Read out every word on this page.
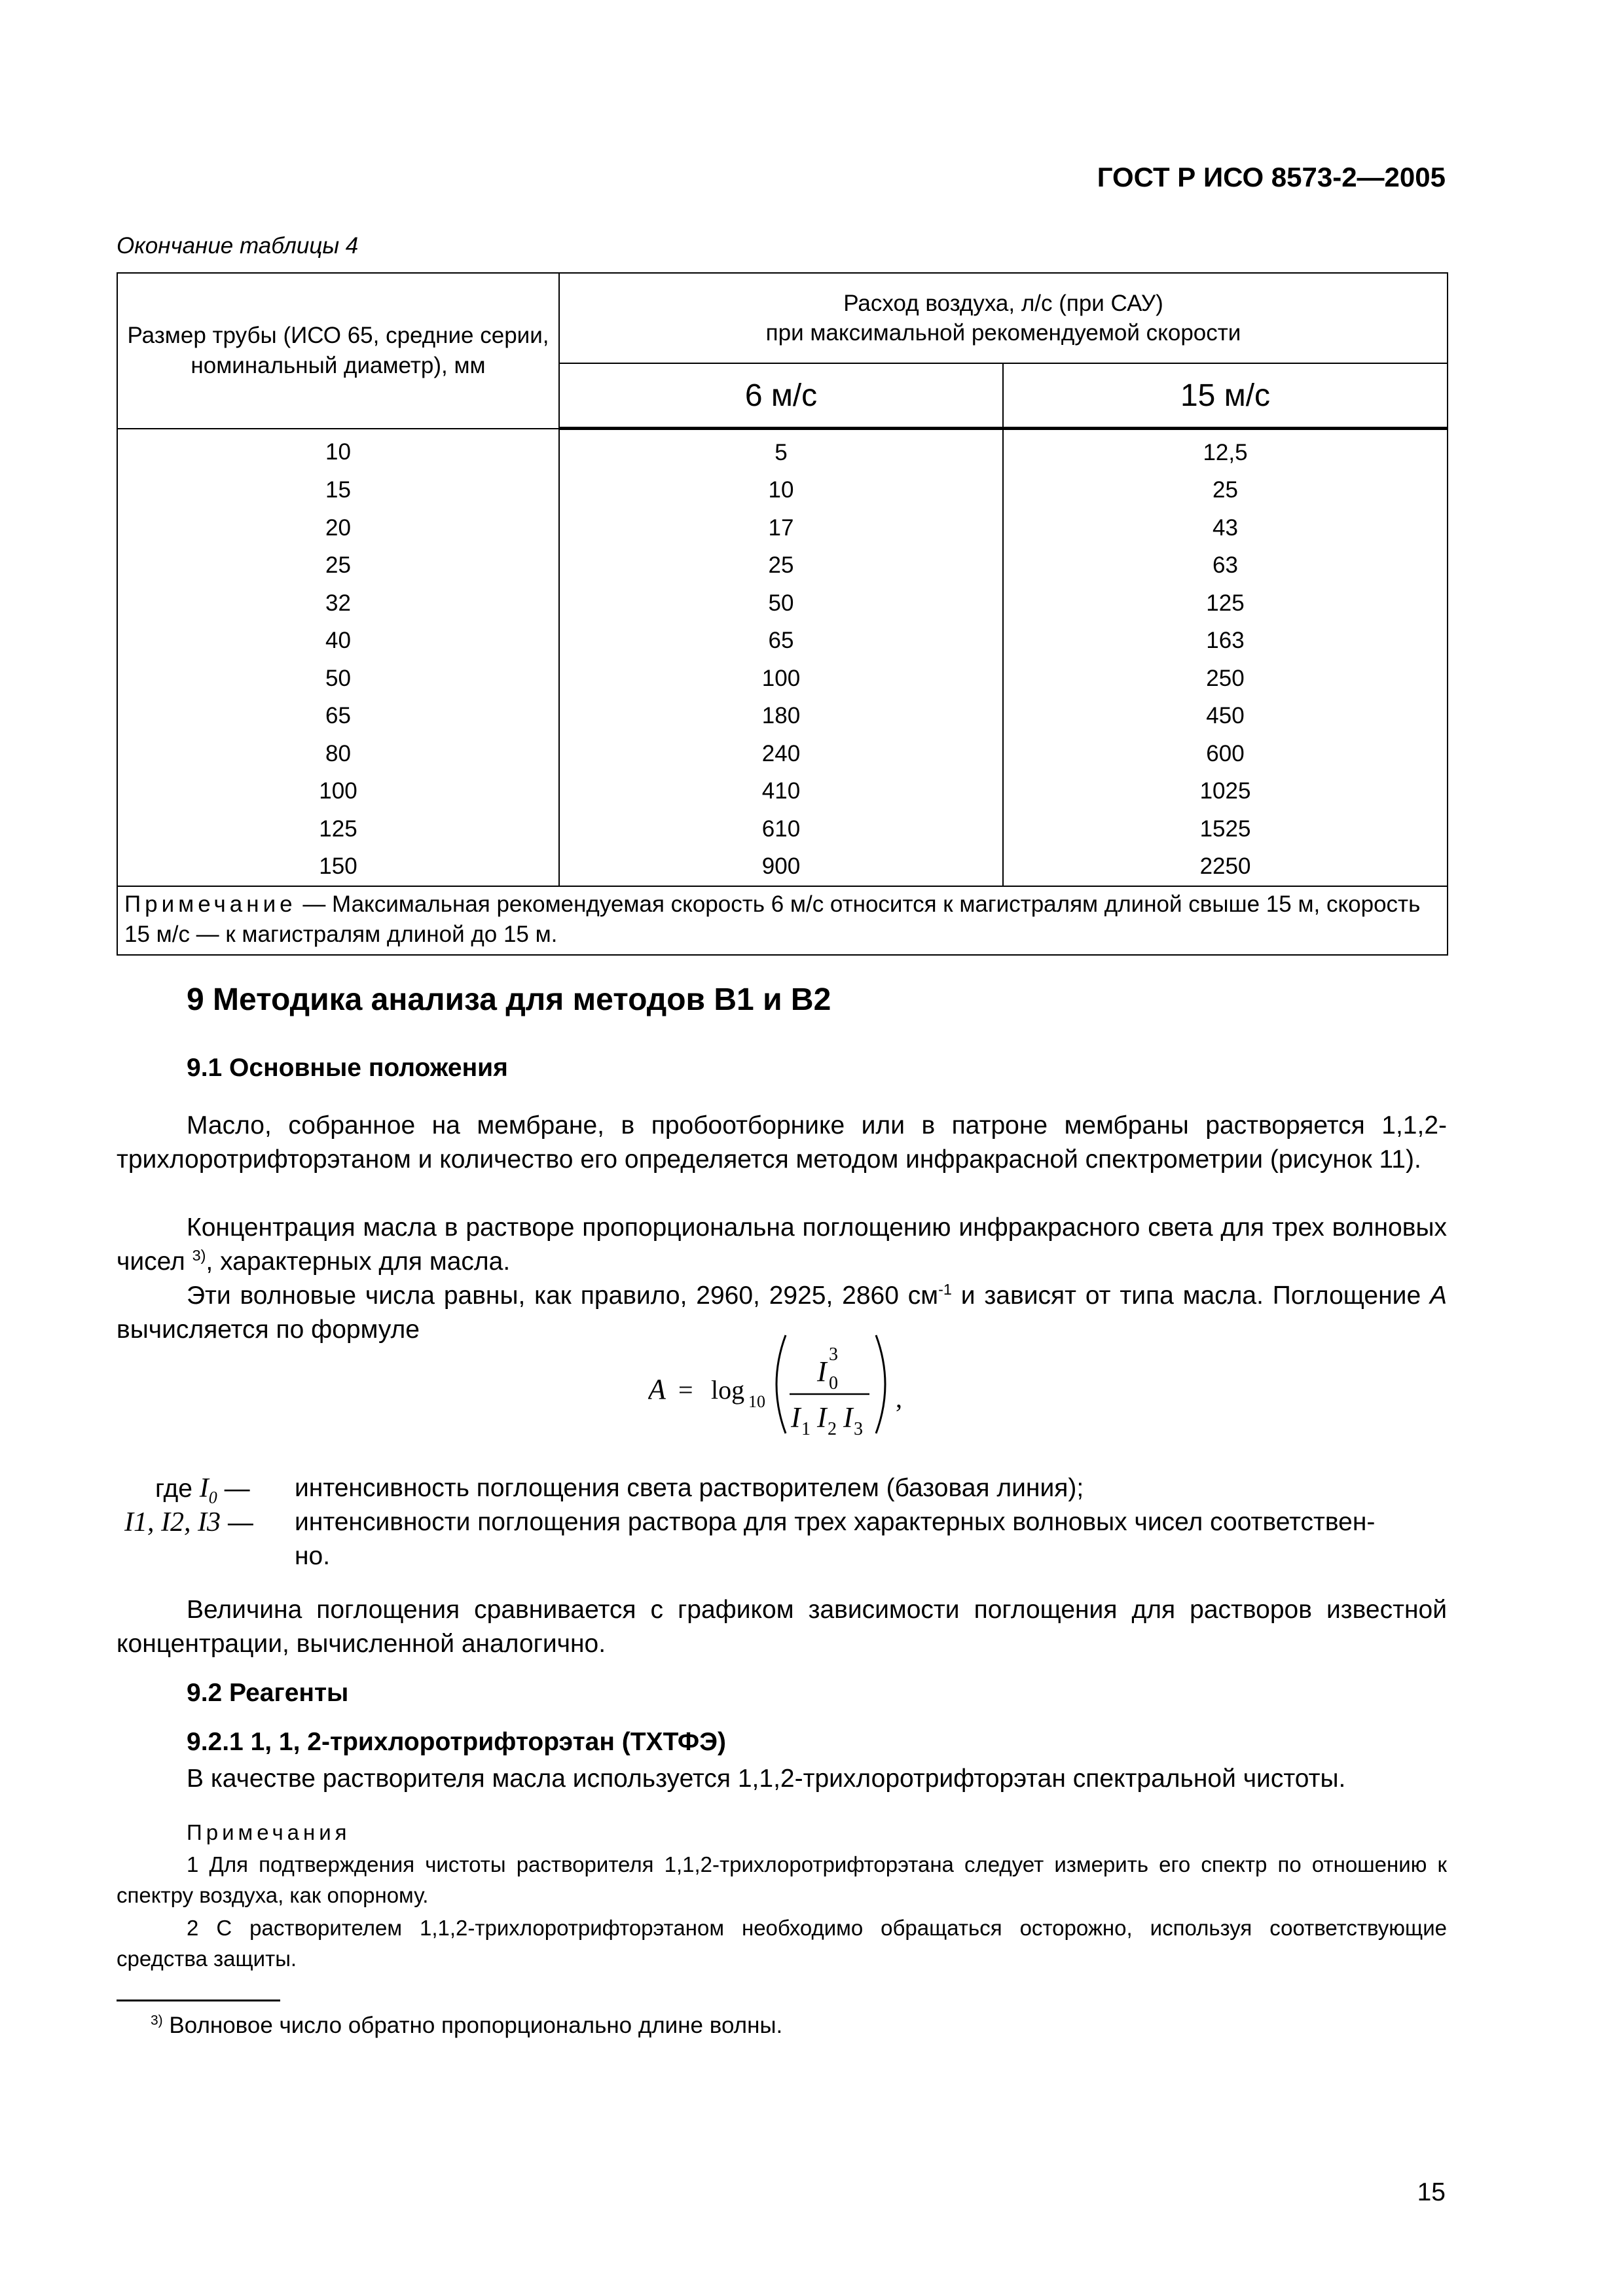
ГОСТ Р ИСО 8573-2—2005

Окончание таблицы 4

Размер трубы (ИСО 65, средние серии, номинальный диаметр), мм	Расход воздуха, л/с (при САУ)
при максимальной рекомендуемой скорости	

	6 м/с	15 м/с
10	5	12,5
15	10	25
20	17	43
25	25	63
32	50	125
40	65	163
50	100	250
65	180	450
80	240	600
100	410	1025
125	610	1525
150	900	2250
Примечание — Максимальная рекомендуемая скорость 6 м/с относится к магистралям длиной свыше 15 м, скорость 15 м/с — к магистралям длиной до 15 м.		
9 Методика анализа для методов В1 и В2
9.1 Основные положения

Масло, собранное на мембране, в пробоотборнике или в патроне мембраны растворяется 1,1,2-трихлоротрифторэтаном и количество его определяется методом инфракрасной спектрометрии (рисунок 11).

Концентрация масла в растворе пропорциональна поглощению инфракрасного света для трех волновых чисел $^{3)}$, характерных для масла.

Эти волновые числа равны, как правило, 2960, 2925, 2860 $см^{-1}$ и зависят от типа масла. Поглощение A вычисляется по формуле

A = log 10
I
3
0
I 1 I 2 I 3
,
где $I_0$ — интенсивность поглощения света растворителем (базовая линия);
I1, I2, I3 — интенсивности поглощения раствора для трех характерных волновых чисел соответствен-
но.

Величина поглощения сравнивается с графиком зависимости поглощения для растворов известной концентрации, вычисленной аналогично.

9.2 Реагенты
9.2.1 1, 1, 2-трихлоротрифторэтан (ТХТФЭ)

В качестве растворителя масла используется 1,1,2-трихлоротрифторэтан спектральной чистоты.

Примечания

1 Для подтверждения чистоты растворителя 1,1,2-трихлоротрифторэтана следует измерить его спектр по отношению к спектру воздуха, как опорному.

2 С растворителем 1,1,2-трихлоротрифторэтаном необходимо обращаться осторожно, используя соответствующие средства защиты.

$^{3)}$ Волновое число обратно пропорционально длине волны.

15
